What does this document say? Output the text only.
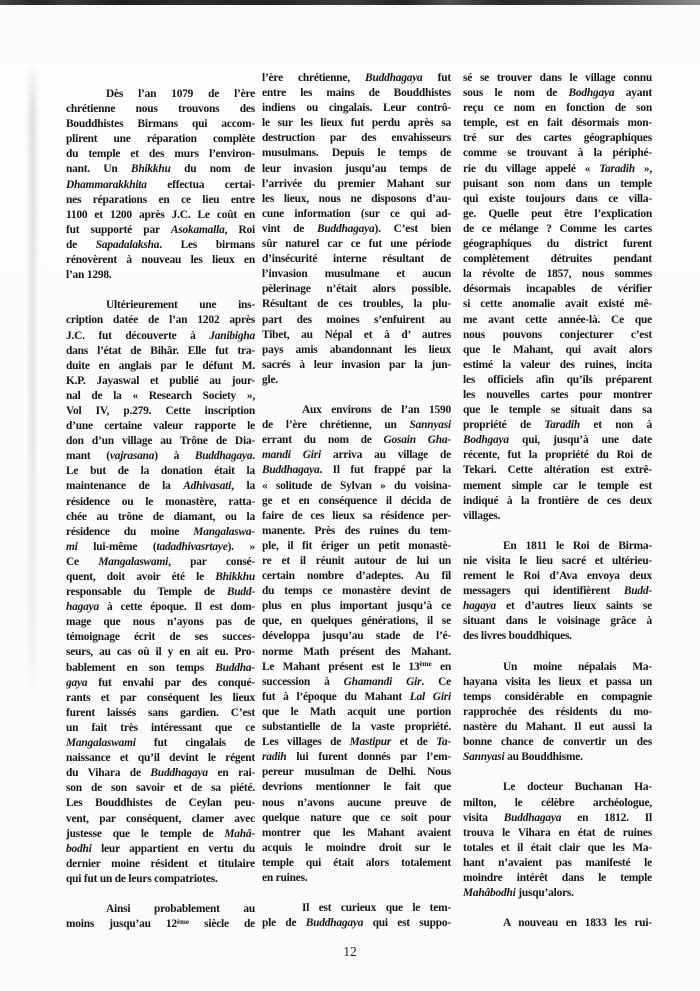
Dès l’an 1079 de l’ère
chrétienne nous trouvons des
Bouddhistes Birmans qui accom-
plirent une réparation complète
du temple et des murs l’environ-
nant. Un Bhikkhu du nom de
Dhammarakkhita effectua certai-
nes réparations en ce lieu entre
1100 et 1200 après J.C. Le coût en
fut supporté par Asokamalla, Roi
de Sapadalaksha. Les birmans
rénovèrent à nouveau les lieux en
l’an 1298.
Ultérieurement une ins-
cription datée de l’an 1202 après
J.C. fut découverte à Janibigha
dans l’état de Bihâr. Elle fut tra-
duite en anglais par le défunt M.
K.P. Jayaswal et publié au jour-
nal de la « Research Society »,
Vol IV, p.279. Cette inscription
d’une certaine valeur rapporte le
don d’un village au Trône de Dia-
mant (vajrasana) à Buddhagaya.
Le but de la donation était la
maintenance de la Adhivasati, la
résidence ou le monastère, ratta-
chée au trône de diamant, ou la
résidence du moine Mangalaswa-
mi lui-même (tadadhivasrtaye). »
Ce Mangalaswami, par consé-
quent, doit avoir été le Bhikkhu
responsable du Temple de Budd-
hagaya à cette époque. Il est dom-
mage que nous n’ayons pas de
témoignage écrit de ses succes-
seurs, au cas où il y en ait eu. Pro-
bablement en son temps Buddha-
gaya fut envahi par des conqué-
rants et par conséquent les lieux
furent laissés sans gardien. C’est
un fait très intéressant que ce
Mangalaswami fut cingalais de
naissance et qu’il devint le régent
du Vihara de Buddhagaya en rai-
son de son savoir et de sa piété.
Les Bouddhistes de Ceylan peu-
vent, par conséquent, clamer avec
justesse que le temple de Mahâ-
bodhi leur appartient en vertu du
dernier moine résident et titulaire
qui fut un de leurs compatriotes.
Ainsi probablement au
moins jusqu’au 12ème siècle de
l’ère chrétienne, Buddhagaya fut
entre les mains de Bouddhistes
indiens ou cingalais. Leur contrô-
le sur les lieux fut perdu après sa
destruction par des envahisseurs
musulmans. Depuis le temps de
leur invasion jusqu’au temps de
l’arrivée du premier Mahant sur
les lieux, nous ne disposons d’au-
cune information (sur ce qui ad-
vint de Buddhagaya). C’est bien
sûr naturel car ce fut une période
d’insécurité interne résultant de
l’invasion musulmane et aucun
pèlerinage n’était alors possible.
Résultant de ces troubles, la plu-
part des moines s’enfuirent au
Tibet, au Népal et à d’ autres
pays amis abandonnant les lieux
sacrés à leur invasion par la jun-
gle.
Aux environs de l’an 1590
de l’ère chrétienne, un Sannyasi
errant du nom de Gosain Gha-
mandi Giri arriva au village de
Buddhagaya. Il fut frappé par la
« solitude de Sylvan » du voisina-
ge et en conséquence il décida de
faire de ces lieux sa résidence per-
manente. Près des ruines du tem-
ple, il fit ériger un petit monastè-
re et il réunit autour de lui un
certain nombre d’adeptes. Au fil
du temps ce monastère devint de
plus en plus important jusqu’à ce
que, en quelques générations, il se
développa jusqu’au stade de l’é-
norme Math présent des Mahant.
Le Mahant présent est le 13ème en
succession à Ghamandi Gir. Ce
fut à l’époque du Mahant Lal Giri
que le Math acquit une portion
substantielle de la vaste propriété.
Les villages de Mastipur et de Ta-
radih lui furent donnés par l’em-
pereur musulman de Delhi. Nous
devrions mentionner le fait que
nous n’avons aucune preuve de
quelque nature que ce soit pour
montrer que les Mahant avaient
acquis le moindre droit sur le
temple qui était alors totalement
en ruines.
Il est curieux que le tem-
ple de Buddhagaya qui est suppo-
sé se trouver dans le village connu
sous le nom de Bodhgaya ayant
reçu ce nom en fonction de son
temple, est en fait désormais mon-
tré sur des cartes géographiques
comme se trouvant à la périphé-
rie du village appelé « Taradih »,
puisant son nom dans un temple
qui existe toujours dans ce villa-
ge. Quelle peut être l’explication
de ce mélange ? Comme les cartes
géographiques du district furent
complètement détruites pendant
la révolte de 1857, nous sommes
désormais incapables de vérifier
si cette anomalie avait existé mê-
me avant cette année-là. Ce que
nous pouvons conjecturer c’est
que le Mahant, qui avait alors
estimé la valeur des ruines, incita
les officiels afin qu’ils préparent
les nouvelles cartes pour montrer
que le temple se situait dans sa
propriété de Taradih et non à
Bodhgaya qui, jusqu’à une date
récente, fut la propriété du Roi de
Tekari. Cette altération est extrê-
mement simple car le temple est
indiqué à la frontière de ces deux
villages.
En 1811 le Roi de Birma-
nie visita le lieu sacré et ultérieu-
rement le Roi d’Ava envoya deux
messagers qui identifièrent Budd-
hagaya et d’autres lieux saints se
situant dans le voisinage grâce à
des livres bouddhiques.
Un moine népalais Ma-
hayana visita les lieux et passa un
temps considérable en compagnie
rapprochée des résidents du mo-
nastère du Mahant. Il eut aussi la
bonne chance de convertir un des
Sannyasi au Bouddhisme.
Le docteur Buchanan Ha-
milton, le célèbre archéologue,
visita Buddhagaya en 1812. Il
trouva le Vihara en état de ruines
totales et il était clair que les Ma-
hant n’avaient pas manifesté le
moindre intérêt dans le temple
Mahâbodhi jusqu’alors.
A nouveau en 1833 les rui-
12
